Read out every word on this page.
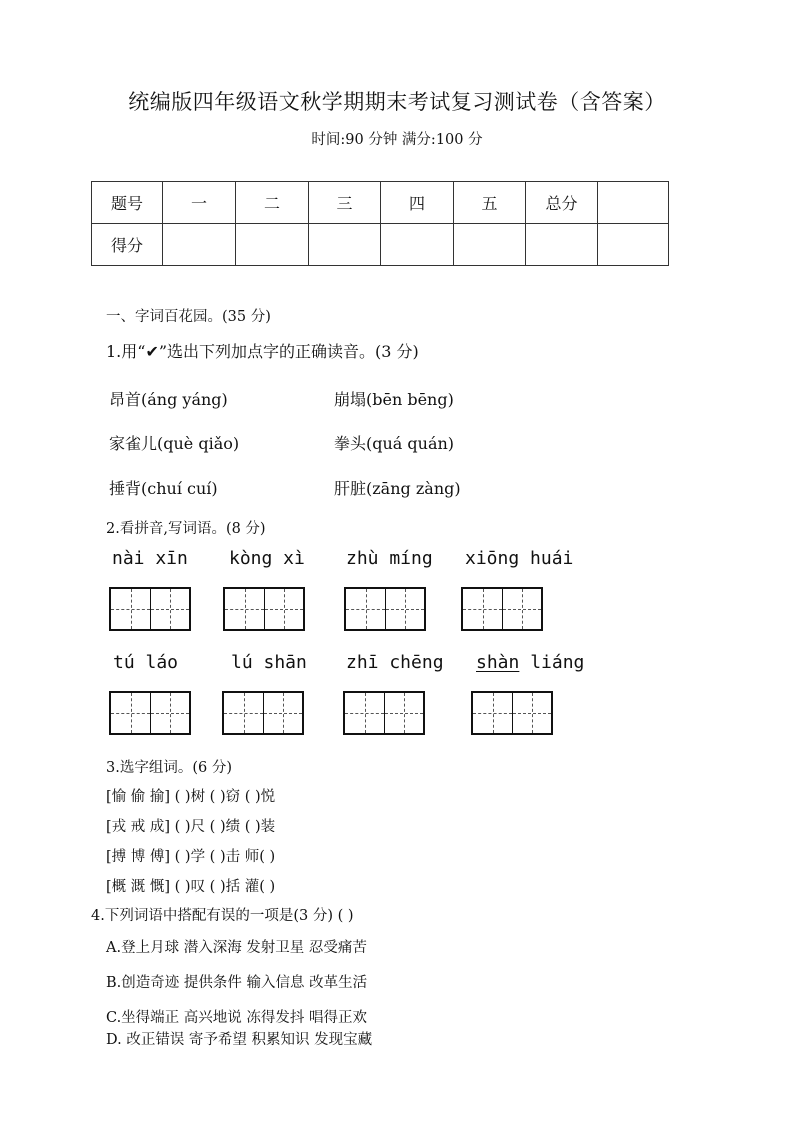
统编版四年级语文秋学期期末考试复习测试卷（含答案）
时间:90 分钟 满分:100 分
题号	一	二	三	四	五	总分	
得分							
一、字词百花园。(35 分)
1.用“✔”选出下列加点字的正确读音。(3 分)
昂首(áng yáng)	崩塌(bēn bēng)
家雀儿(què qiǎo)	拳头(quá quán)
捶背(chuí cuí)	肝脏(zāng zàng)
2.看拼音,写词语。(8 分)
nài xīn kòng xì zhù míng xiōng huái
tú láo	lú shān zhī chēng shàn liáng
3.选字组词。(6 分)
[愉 偷 揄] ( )树 ( )窃 ( )悦
[戎 戒 成] ( )尺 ( )绩 ( )装
[搏 博 傅] ( )学 ( )击 师( )
[概 溉 慨] ( )叹 ( )括 灌( )
4.下列词语中搭配有误的一项是(3 分) ( )
A.登上月球 潜入深海 发射卫星 忍受痛苦
B.创造奇迹 提供条件 输入信息 改革生活
C.坐得端正 高兴地说 冻得发抖 唱得正欢
D. 改正错误 寄予希望 积累知识 发现宝藏
